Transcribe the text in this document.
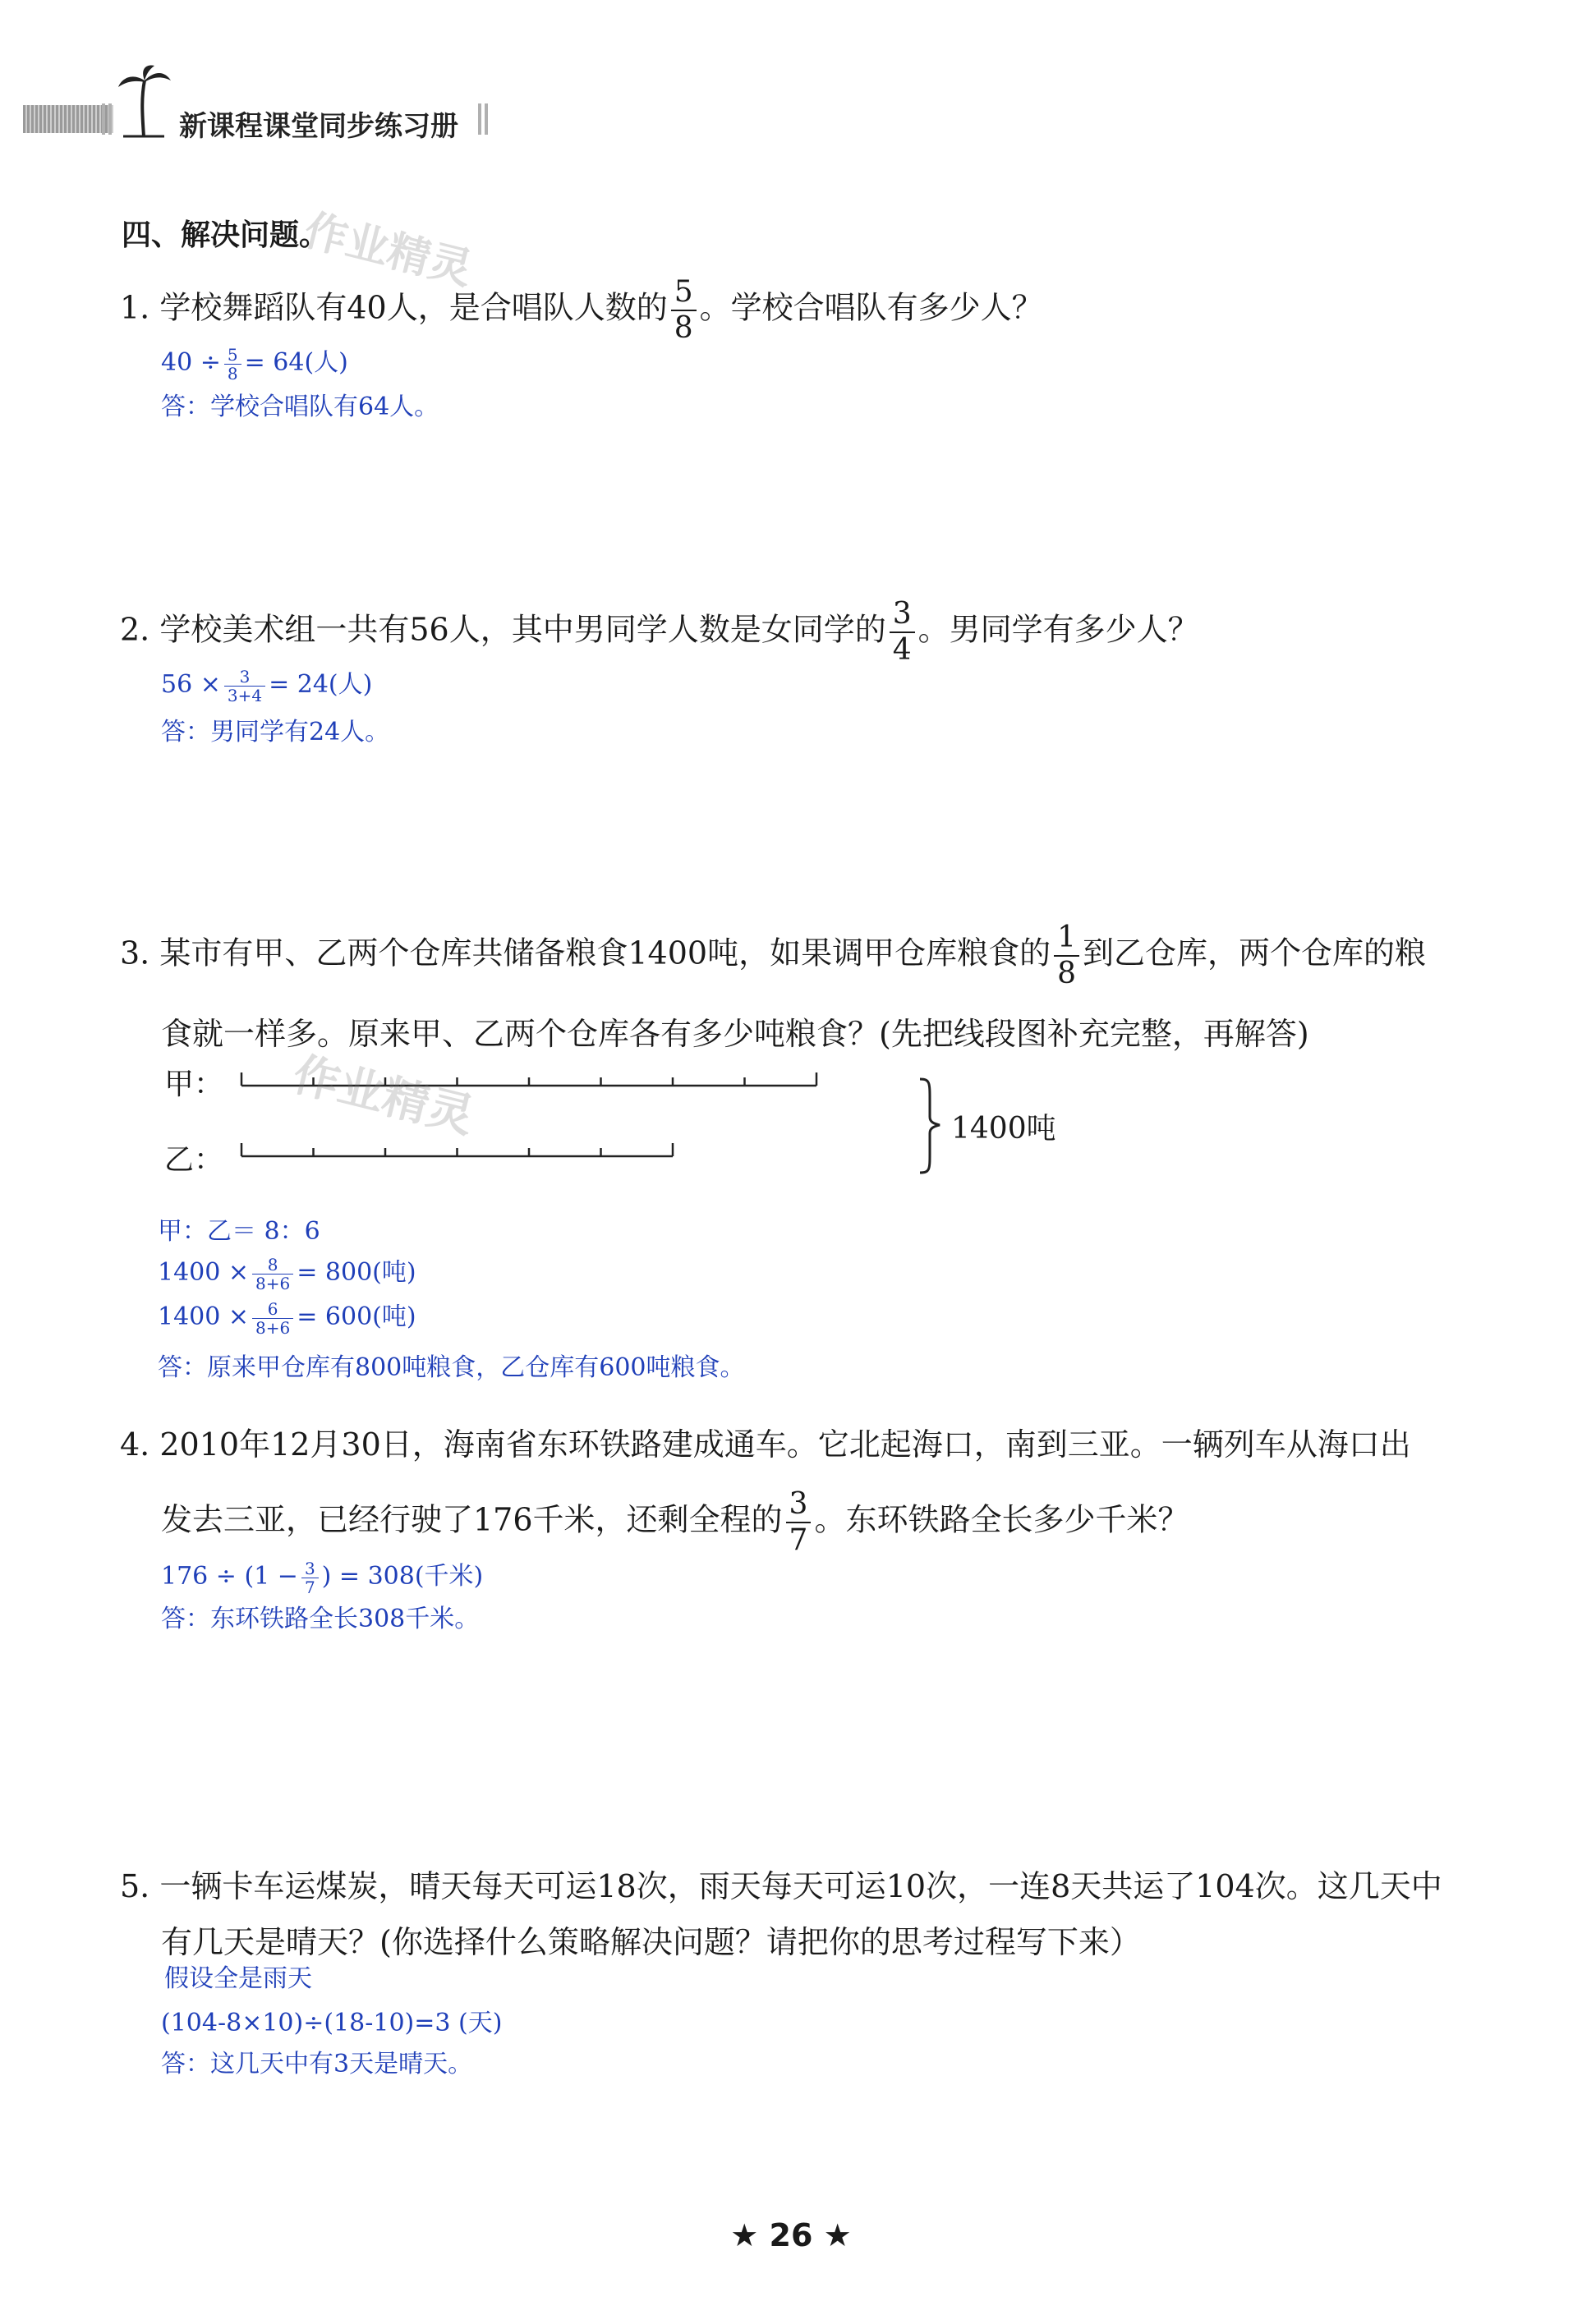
新课程课堂同步练习册
四、解决问题。
作业精灵
1. 学校舞蹈队有40人，是合唱队人数的 $\frac{5}{8}$ 。学校合唱队有多少人？
$40 \div \frac{5}{8} = 64$(人)
答：学校合唱队有64人。
2. 学校美术组一共有56人，其中男同学人数是女同学的 $\frac{3}{4}$ 。男同学有多少人？
$56 \times \frac{3}{3+4} = 24$(人)
答：男同学有24人。
3. 某市有甲、乙两个仓库共储备粮食1400吨，如果调甲仓库粮食的 $\frac{1}{8}$ 到乙仓库，两个仓库的粮
食就一样多。原来甲、乙两个仓库各有多少吨粮食？(先把线段图补充完整，再解答)
甲：
乙：
1400吨
作业精灵
甲：乙＝ 8：6
$1400 \times \frac{8}{8+6} = 800$(吨)
$1400 \times \frac{6}{8+6} = 600$(吨)
答：原来甲仓库有800吨粮食，乙仓库有600吨粮食。
4. 2010年12月30日，海南省东环铁路建成通车。它北起海口，南到三亚。一辆列车从海口出
发去三亚，已经行驶了176千米，还剩全程的 $\frac{3}{7}$ 。东环铁路全长多少千米？
$176 \div (1 - \frac{3}{7}$ ) = 308(千米)
答：东环铁路全长308千米。
5. 一辆卡车运煤炭，晴天每天可运18次，雨天每天可运10次，一连8天共运了104次。这几天中
有几天是晴天？(你选择什么策略解决问题？请把你的思考过程写下来）
假设全是雨天
(104-8×10)÷(18-10)=3 (天)
答：这几天中有3天是晴天。
★ 26 ★
